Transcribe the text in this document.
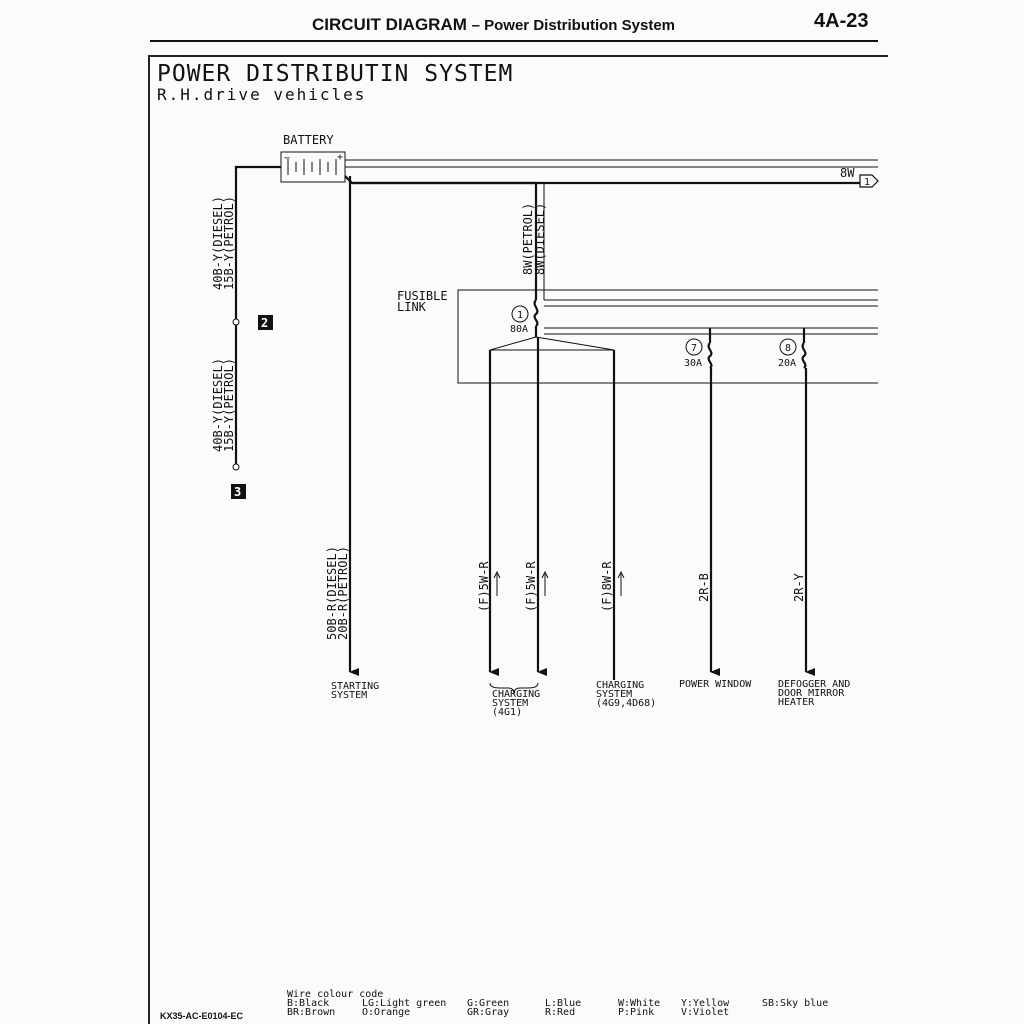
CIRCUIT DIAGRAM – Power Distribution System	4A-23
POWER DISTRIBUTIN SYSTEM
R.H.drive vehicles
BATTERY
−	+
40B-Y(DIESEL)
15B-Y(PETROL)
40B-Y(DIESEL)
15B-Y(PETROL)
2
3
1
8W
50B-R(DIESEL)
20B-R(PETROL)
8W(PETROL)
8W(DIESEL)
FUSIBLE
LINK
1
80A
7
30A
8
20A
(F)5W-R	(F)5W-R	(F)8W-R	2R-B	2R-Y
STARTING
SYSTEM	CHARGING
SYSTEM
(4G1)
CHARGING
SYSTEM
(4G9,4D68)
POWER WINDOW	DEFOGGER AND
DOOR MIRROR
HEATER
Wire colour code
B:Black
BR:Brown
LG:Light green
O:Orange
G:Green
GR:Gray
L:Blue
R:Red
W:White
P:Pink
Y:Yellow
V:Violet
SB:Sky blue
KX35-AC-E0104-EC
